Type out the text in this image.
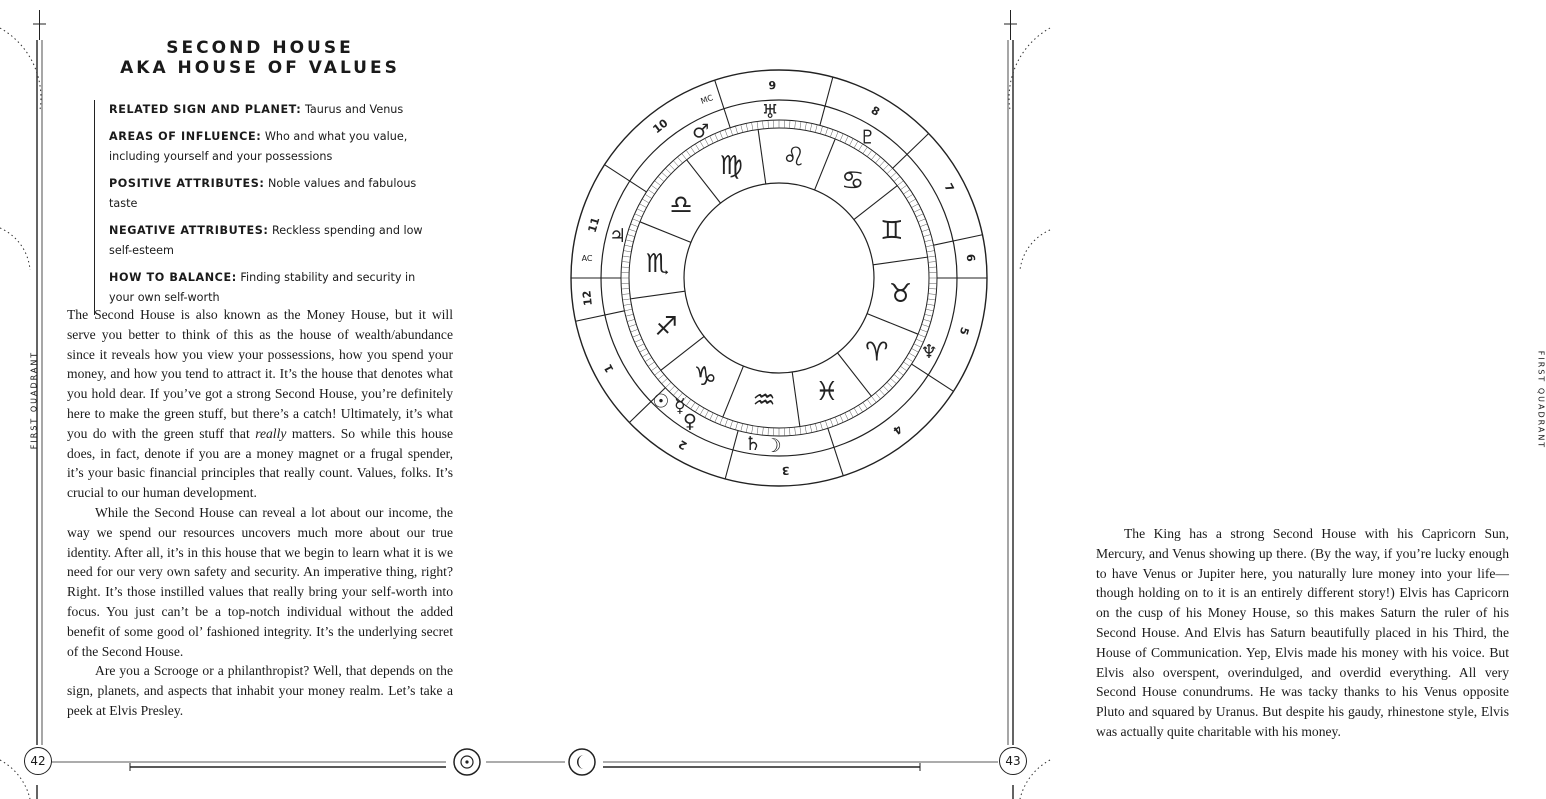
SECOND HOUSE
AKA HOUSE OF VALUES
RELATED SIGN AND PLANET: Taurus and Venus
AREAS OF INFLUENCE: Who and what you value, including yourself and your possessions
POSITIVE ATTRIBUTES: Noble values and fabulous taste
NEGATIVE ATTRIBUTES: Reckless spending and low self-esteem
HOW TO BALANCE: Finding stability and security in your own self-worth

The Second House is also known as the Money House, but it will serve you better to think of this as the house of wealth/abundance since it reveals how you view your possessions, how you spend your money, and how you tend to attract it. It’s the house that denotes what you hold dear. If you’ve got a strong Second House, you’re definitely here to make the green stuff, but there’s a catch! Ultimately, it’s what you do with the green stuff that really matters. So while this house does, in fact, denote if you are a money magnet or a frugal spender, it’s your basic financial principles that really count. Values, folks. It’s crucial to our human development.

While the Second House can reveal a lot about our income, the way we spend our resources uncovers much more about our true identity. After all, it’s in this house that we begin to learn what it is we need for our very own safety and security. An imperative thing, right? Right. It’s those instilled values that really bring your self-worth into focus. You just can’t be a top-notch individual without the added benefit of some good ol’ fashioned integrity. It’s the underlying secret of the Second House.

Are you a Scrooge or a philanthropist? Well, that depends on the sign, planets, and aspects that inhabit your money realm. Let’s take a peek at Elvis Presley.

FIRST QUADRANT
42
♐
♑
♒ ♓
♈
♉
♊
♋
♌
♍
♎
♏
1
2
3
4
5
6
7
8
9
10
11
12
AC
MC
♅
♇
♂
♃
☉ ☿
♀
♄ ☽
♆

The King has a strong Second House with his Capricorn Sun, Mercury, and Venus showing up there. (By the way, if you’re lucky enough to have Venus or Jupiter here, you naturally lure money into your life—though holding on to it is an entirely different story!) Elvis has Capricorn on the cusp of his Money House, so this makes Saturn the ruler of his Second House. And Elvis has Saturn beautifully placed in his Third, the House of Communication. Yep, Elvis made his money with his voice. But Elvis also overspent, overindulged, and overdid everything. All very Second House conundrums. He was tacky thanks to his Venus opposite Pluto and squared by Uranus. But despite his gaudy, rhinestone style, Elvis was actually quite charitable with his money.

FIRST QUADRANT
43
